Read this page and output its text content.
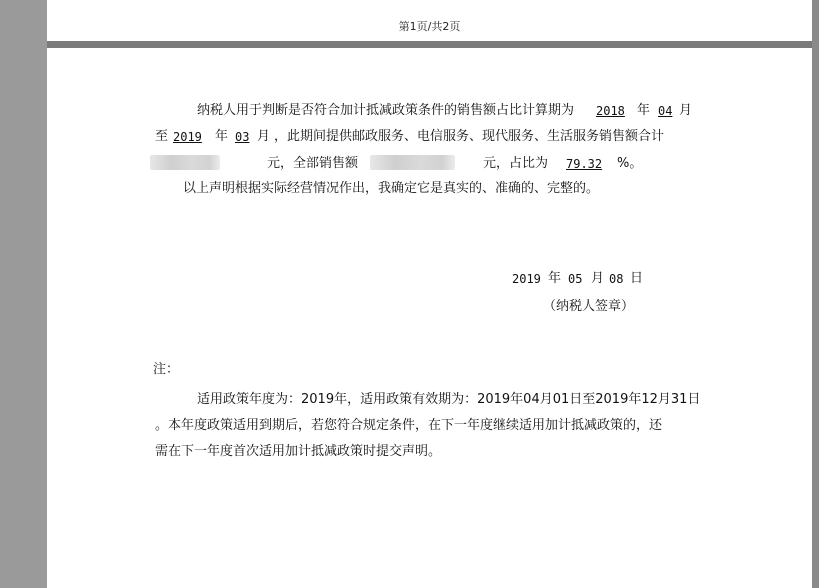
第1页/共2页
纳税人用于判断是否符合加计抵减政策条件的销售额占比计算期为 2018 年 04 月
至 2019 年 03 月 ，此期间提供邮政服务、电信服务、现代服务、生活服务销售额合计
元，全部销售额	元，占比为 79.32 %。
以上声明根据实际经营情况作出，我确定它是真实的、准确的、完整的。
2019 年 05 月 08 日
（纳税人签章）
注：
适用政策年度为：2019年，适用政策有效期为：2019年04月01日至2019年12月31日
。本年度政策适用到期后，若您符合规定条件，在下一年度继续适用加计抵减政策的，还
需在下一年度首次适用加计抵减政策时提交声明。
